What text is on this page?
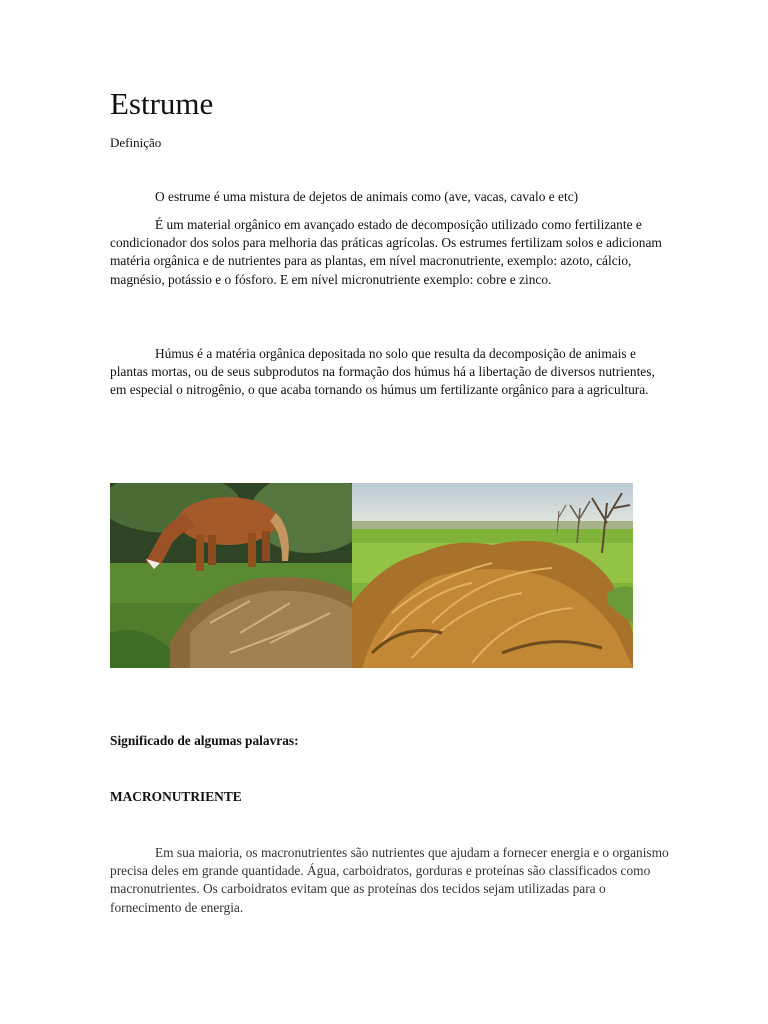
Estrume

Definição

O estrume é uma mistura de dejetos de animais como (ave, vacas, cavalo e etc)

É um material orgânico em avançado estado de decomposição utilizado como fertilizante e condicionador dos solos para melhoria das práticas agrícolas. Os estrumes fertilizam solos e adicionam matéria orgânica e de nutrientes para as plantas, em nível macronutriente, exemplo: azoto, cálcio, magnésio, potássio e o fósforo. E em nível micronutriente exemplo: cobre e zinco.

Húmus é a matéria orgânica depositada no solo que resulta da decomposição de animais e plantas mortas, ou de seus subprodutos na formação dos húmus há a libertação de diversos nutrientes, em especial o nitrogênio, o que acaba tornando os húmus um fertilizante orgânico para a agricultura.

Significado de algumas palavras:
MACRONUTRIENTE

Em sua maioria, os macronutrientes são nutrientes que ajudam a fornecer energia e o organismo precisa deles em grande quantidade. Água, carboidratos, gorduras e proteínas são classificados como macronutrientes. Os carboidratos evitam que as proteínas dos tecidos sejam utilizadas para o fornecimento de energia.
